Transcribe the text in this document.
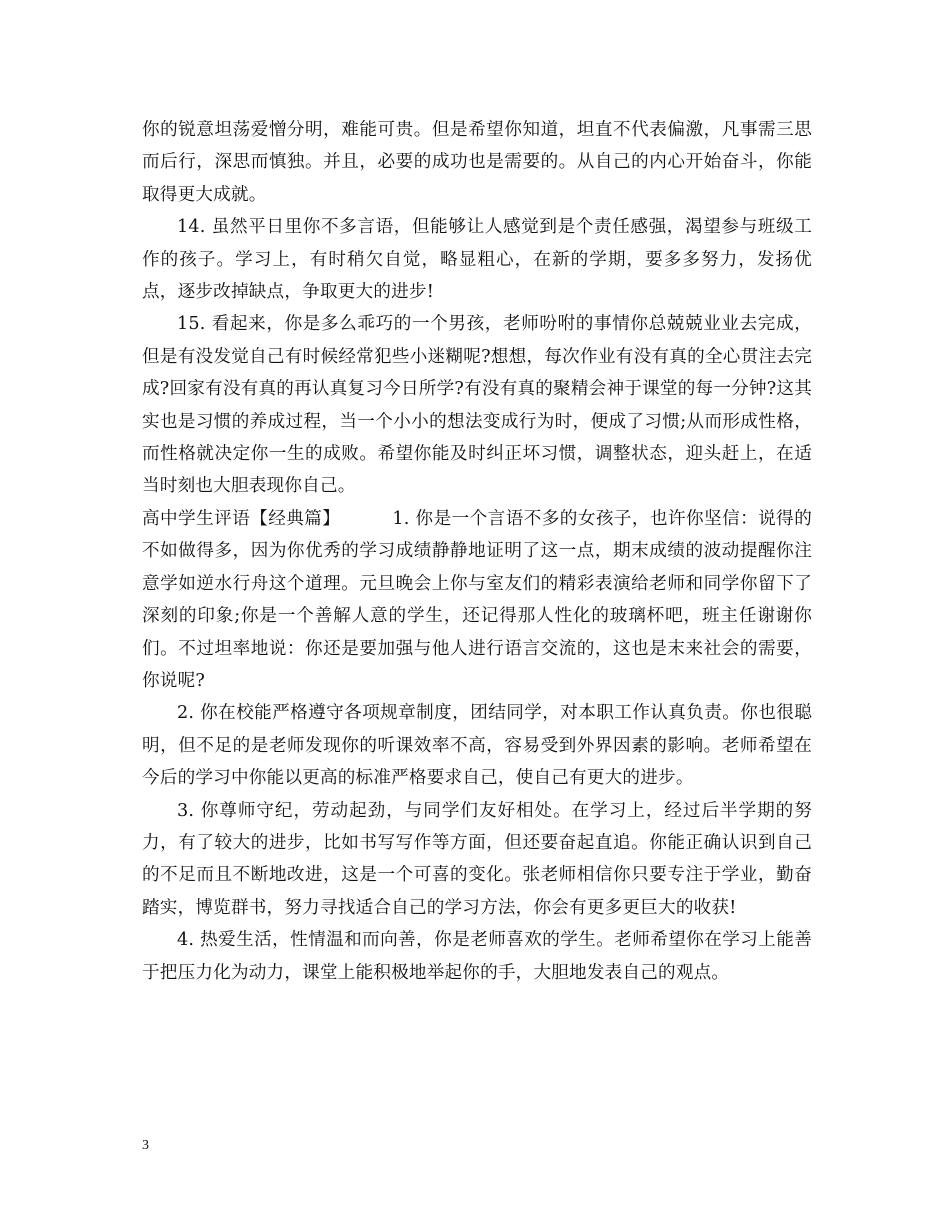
你的锐意坦荡爱憎分明，难能可贵。但是希望你知道，坦直不代表偏激，凡事需三思而后行，深思而慎独。并且，必要的成功也是需要的。从自己的内心开始奋斗，你能取得更大成就。

14. 虽然平日里你不多言语，但能够让人感觉到是个责任感强，渴望参与班级工作的孩子。学习上，有时稍欠自觉，略显粗心，在新的学期，要多多努力，发扬优点，逐步改掉缺点，争取更大的进步!

15. 看起来，你是多么乖巧的一个男孩，老师吩咐的事情你总兢兢业业去完成，但是有没发觉自己有时候经常犯些小迷糊呢?想想，每次作业有没有真的全心贯注去完成?回家有没有真的再认真复习今日所学?有没有真的聚精会神于课堂的每一分钟?这其实也是习惯的养成过程，当一个小小的想法变成行为时，便成了习惯;从而形成性格，而性格就决定你一生的成败。希望你能及时纠正坏习惯，调整状态，迎头赶上，在适当时刻也大胆表现你自己。

高中学生评语【经典篇】	1. 你是一个言语不多的女孩子，也许你坚信：说得的不如做得多，因为你优秀的学习成绩静静地证明了这一点，期末成绩的波动提醒你注意学如逆水行舟这个道理。元旦晚会上你与室友们的精彩表演给老师和同学你留下了深刻的印象;你是一个善解人意的学生，还记得那人性化的玻璃杯吧，班主任谢谢你们。不过坦率地说：你还是要加强与他人进行语言交流的，这也是末来社会的需要，你说呢?

2. 你在校能严格遵守各项规章制度，团结同学，对本职工作认真负责。你也很聪明，但不足的是老师发现你的听课效率不高，容易受到外界因素的影响。老师希望在今后的学习中你能以更高的标准严格要求自己，使自己有更大的进步。

3. 你尊师守纪，劳动起劲，与同学们友好相处。在学习上，经过后半学期的努力，有了较大的进步，比如书写写作等方面，但还要奋起直追。你能正确认识到自己的不足而且不断地改进，这是一个可喜的变化。张老师相信你只要专注于学业，勤奋踏实，博览群书，努力寻找适合自己的学习方法，你会有更多更巨大的收获!

4. 热爱生活，性情温和而向善，你是老师喜欢的学生。老师希望你在学习上能善于把压力化为动力，课堂上能积极地举起你的手，大胆地发表自己的观点。

3
